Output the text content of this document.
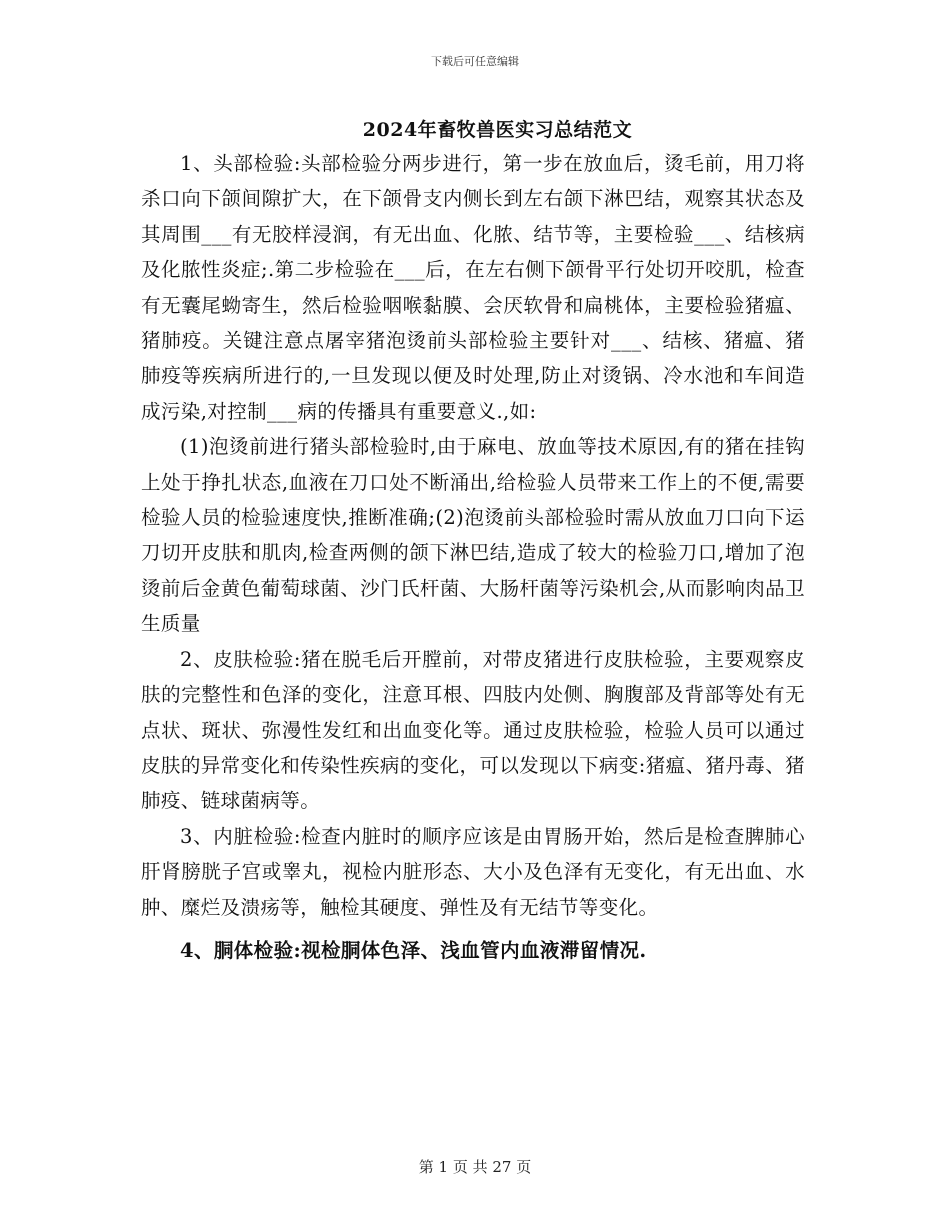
下载后可任意编辑
2024年畜牧兽医实习总结范文

1、头部检验:头部检验分两步进行，第一步在放血后，烫毛前，用刀将杀口向下颌间隙扩大，在下颌骨支内侧长到左右颌下淋巴结，观察其状态及其周围___有无胶样浸润，有无出血、化脓、结节等，主要检验___、结核病及化脓性炎症;.第二步检验在___后，在左右侧下颌骨平行处切开咬肌，检查有无囊尾蚴寄生，然后检验咽喉黏膜、会厌软骨和扁桃体，主要检验猪瘟、猪肺疫。关键注意点屠宰猪泡烫前头部检验主要针对___、结核、猪瘟、猪肺疫等疾病所进行的,一旦发现以便及时处理,防止对烫锅、冷水池和车间造成污染,对控制___病的传播具有重要意义.,如:

(1)泡烫前进行猪头部检验时,由于麻电、放血等技术原因,有的猪在挂钩上处于挣扎状态,血液在刀口处不断涌出,给检验人员带来工作上的不便,需要检验人员的检验速度快,推断准确;(2)泡烫前头部检验时需从放血刀口向下运刀切开皮肤和肌肉,检查两侧的颌下淋巴结,造成了较大的检验刀口,增加了泡烫前后金黄色葡萄球菌、沙门氏杆菌、大肠杆菌等污染机会,从而影响肉品卫生质量

2、皮肤检验:猪在脱毛后开膛前，对带皮猪进行皮肤检验，主要观察皮肤的完整性和色泽的变化，注意耳根、四肢内处侧、胸腹部及背部等处有无点状、斑状、弥漫性发红和出血变化等。通过皮肤检验，检验人员可以通过皮肤的异常变化和传染性疾病的变化，可以发现以下病变:猪瘟、猪丹毒、猪肺疫、链球菌病等。

3、内脏检验:检查内脏时的顺序应该是由胃肠开始，然后是检查脾肺心肝肾膀胱子宫或睾丸，视检内脏形态、大小及色泽有无变化，有无出血、水肿、糜烂及溃疡等，触检其硬度、弹性及有无结节等变化。

4、胴体检验:视检胴体色泽、浅血管内血液滞留情况.

第 1 页 共 27 页
